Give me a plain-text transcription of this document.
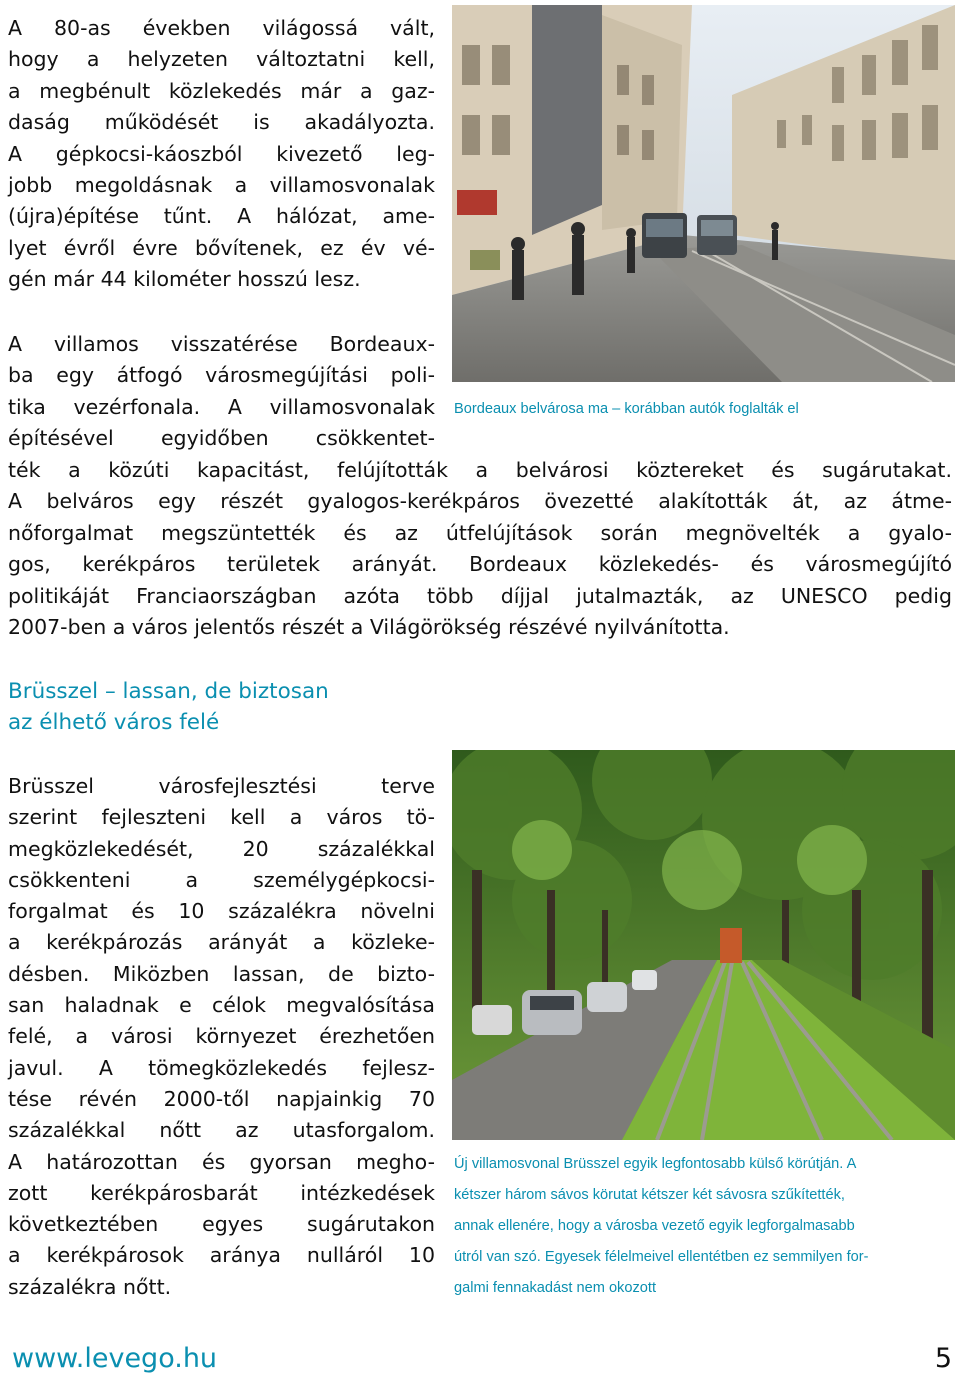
A 80-as években világossá vált,
hogy a helyzeten változtatni kell,
a megbénult közlekedés már a gaz-
daság működését is akadályozta.
A gépkocsi-káoszból kivezető leg-
jobb megoldásnak a villamosvonalak
(újra)építése tűnt. A hálózat, ame-
lyet évről évre bővítenek, ez év vé-
gén már 44 kilométer hosszú lesz.
Bordeaux belvárosa ma – korábban autók foglalták el
A villamos visszatérése Bordeaux-
ba egy átfogó városmegújítási poli-
tika vezérfonala. A villamosvonalak
építésével egyidőben csökkentet-
ték a közúti kapacitást, felújították a belvárosi köztereket és sugárutakat.
A belváros egy részét gyalogos-kerékpáros övezetté alakították át, az átme-
nőforgalmat megszüntették és az útfelújítások során megnövelték a gyalo-
gos, kerékpáros területek arányát. Bordeaux közlekedés- és városmegújító
politikáját Franciaországban azóta több díjjal jutalmazták, az UNESCO pedig
2007-ben a város jelentős részét a Világörökség részévé nyilvánította.
Brüsszel – lassan, de biztosan
az élhető város felé
Brüsszel városfejlesztési terve
szerint fejleszteni kell a város tö-
megközlekedését, 20 százalékkal
csökkenteni a személygépkocsi-
forgalmat és 10 százalékra növelni
a kerékpározás arányát a közleke-
désben. Miközben lassan, de bizto-
san haladnak e célok megvalósítása
felé, a városi környezet érezhetően
javul. A tömegközlekedés fejlesz-
tése révén 2000-től napjainkig 70
százalékkal nőtt az utasforgalom.
A határozottan és gyorsan megho-
zott kerékpárosbarát intézkedések
következtében egyes sugárutakon
a kerékpárosok aránya nulláról 10
százalékra nőtt.
Új villamosvonal Brüsszel egyik legfontosabb külső körútján. A
kétszer három sávos körutat kétszer két sávosra szűkítették,
annak ellenére, hogy a városba vezető egyik legforgalmasabb
útról van szó. Egyesek félelmeivel ellentétben ez semmilyen for-
galmi fennakadást nem okozott
www.levego.hu	5
